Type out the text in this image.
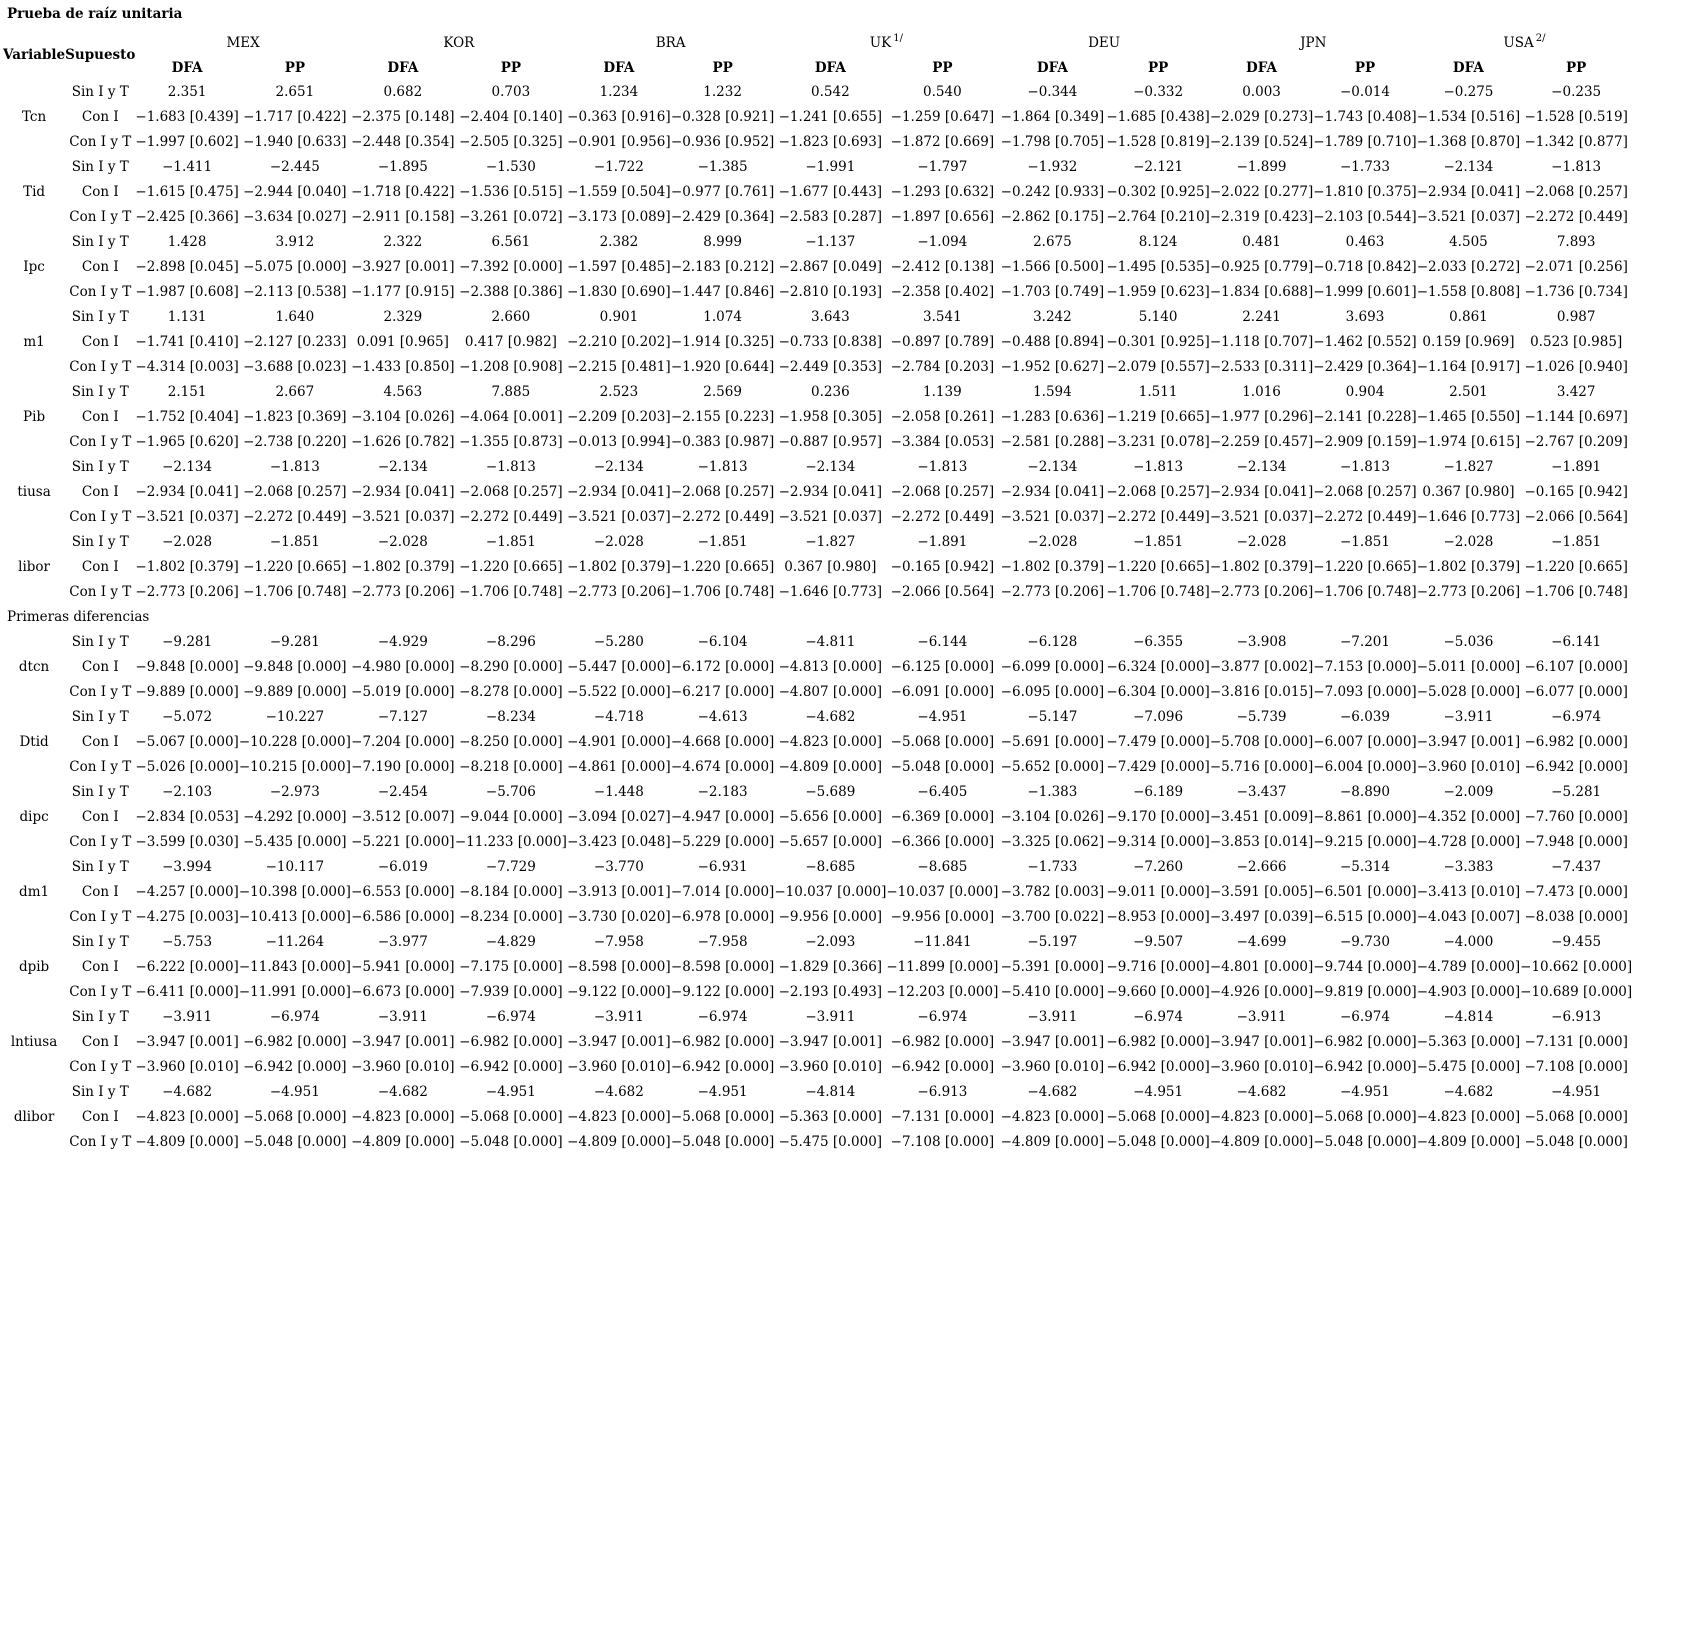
Prueba de raíz unitaria
Variable	Supuesto	MEX		KOR		BRA		UK $^{1/}$		DEU		JPN		USA $^{2/}$
		DFA	PP	DFA	PP	DFA	PP	DFA	PP	DFA	PP	DFA	PP	DFA	PP
Tcn	Sin I y T	2.351	2.651	0.682	0.703	1.234	1.232	0.542	0.540	−0.344	−0.332	0.003	−0.014	−0.275	−0.235
	Con I	−1.683 [0.439]	−1.717 [0.422]	−2.375 [0.148]	−2.404 [0.140]	−0.363 [0.916]	−0.328 [0.921]	−1.241 [0.655]	−1.259 [0.647]	−1.864 [0.349]	−1.685 [0.438]	−2.029 [0.273]	−1.743 [0.408]	−1.534 [0.516]	−1.528 [0.519]
	Con I y T	−1.997 [0.602]	−1.940 [0.633]	−2.448 [0.354]	−2.505 [0.325]	−0.901 [0.956]	−0.936 [0.952]	−1.823 [0.693]	−1.872 [0.669]	−1.798 [0.705]	−1.528 [0.819]	−2.139 [0.524]	−1.789 [0.710]	−1.368 [0.870]	−1.342 [0.877]
Tid	Sin I y T	−1.411	−2.445	−1.895	−1.530	−1.722	−1.385	−1.991	−1.797	−1.932	−2.121	−1.899	−1.733	−2.134	−1.813
	Con I	−1.615 [0.475]	−2.944 [0.040]	−1.718 [0.422]	−1.536 [0.515]	−1.559 [0.504]	−0.977 [0.761]	−1.677 [0.443]	−1.293 [0.632]	−0.242 [0.933]	−0.302 [0.925]	−2.022 [0.277]	−1.810 [0.375]	−2.934 [0.041]	−2.068 [0.257]
	Con I y T	−2.425 [0.366]	−3.634 [0.027]	−2.911 [0.158]	−3.261 [0.072]	−3.173 [0.089]	−2.429 [0.364]	−2.583 [0.287]	−1.897 [0.656]	−2.862 [0.175]	−2.764 [0.210]	−2.319 [0.423]	−2.103 [0.544]	−3.521 [0.037]	−2.272 [0.449]
Ipc	Sin I y T	1.428	3.912	2.322	6.561	2.382	8.999	−1.137	−1.094	2.675	8.124	0.481	0.463	4.505	7.893
	Con I	−2.898 [0.045]	−5.075 [0.000]	−3.927 [0.001]	−7.392 [0.000]	−1.597 [0.485]	−2.183 [0.212]	−2.867 [0.049]	−2.412 [0.138]	−1.566 [0.500]	−1.495 [0.535]	−0.925 [0.779]	−0.718 [0.842]	−2.033 [0.272]	−2.071 [0.256]
	Con I y T	−1.987 [0.608]	−2.113 [0.538]	−1.177 [0.915]	−2.388 [0.386]	−1.830 [0.690]	−1.447 [0.846]	−2.810 [0.193]	−2.358 [0.402]	−1.703 [0.749]	−1.959 [0.623]	−1.834 [0.688]	−1.999 [0.601]	−1.558 [0.808]	−1.736 [0.734]
m1	Sin I y T	1.131	1.640	2.329	2.660	0.901	1.074	3.643	3.541	3.242	5.140	2.241	3.693	0.861	0.987
	Con I	−1.741 [0.410]	−2.127 [0.233]	0.091 [0.965]	0.417 [0.982]	−2.210 [0.202]	−1.914 [0.325]	−0.733 [0.838]	−0.897 [0.789]	−0.488 [0.894]	−0.301 [0.925]	−1.118 [0.707]	−1.462 [0.552]	0.159 [0.969]	0.523 [0.985]
	Con I y T	−4.314 [0.003]	−3.688 [0.023]	−1.433 [0.850]	−1.208 [0.908]	−2.215 [0.481]	−1.920 [0.644]	−2.449 [0.353]	−2.784 [0.203]	−1.952 [0.627]	−2.079 [0.557]	−2.533 [0.311]	−2.429 [0.364]	−1.164 [0.917]	−1.026 [0.940]
Pib	Sin I y T	2.151	2.667	4.563	7.885	2.523	2.569	0.236	1.139	1.594	1.511	1.016	0.904	2.501	3.427
	Con I	−1.752 [0.404]	−1.823 [0.369]	−3.104 [0.026]	−4.064 [0.001]	−2.209 [0.203]	−2.155 [0.223]	−1.958 [0.305]	−2.058 [0.261]	−1.283 [0.636]	−1.219 [0.665]	−1.977 [0.296]	−2.141 [0.228]	−1.465 [0.550]	−1.144 [0.697]
	Con I y T	−1.965 [0.620]	−2.738 [0.220]	−1.626 [0.782]	−1.355 [0.873]	−0.013 [0.994]	−0.383 [0.987]	−0.887 [0.957]	−3.384 [0.053]	−2.581 [0.288]	−3.231 [0.078]	−2.259 [0.457]	−2.909 [0.159]	−1.974 [0.615]	−2.767 [0.209]
tiusa	Sin I y T	−2.134	−1.813	−2.134	−1.813	−2.134	−1.813	−2.134	−1.813	−2.134	−1.813	−2.134	−1.813	−1.827	−1.891
	Con I	−2.934 [0.041]	−2.068 [0.257]	−2.934 [0.041]	−2.068 [0.257]	−2.934 [0.041]	−2.068 [0.257]	−2.934 [0.041]	−2.068 [0.257]	−2.934 [0.041]	−2.068 [0.257]	−2.934 [0.041]	−2.068 [0.257]	0.367 [0.980]	−0.165 [0.942]
	Con I y T	−3.521 [0.037]	−2.272 [0.449]	−3.521 [0.037]	−2.272 [0.449]	−3.521 [0.037]	−2.272 [0.449]	−3.521 [0.037]	−2.272 [0.449]	−3.521 [0.037]	−2.272 [0.449]	−3.521 [0.037]	−2.272 [0.449]	−1.646 [0.773]	−2.066 [0.564]
libor	Sin I y T	−2.028	−1.851	−2.028	−1.851	−2.028	−1.851	−1.827	−1.891	−2.028	−1.851	−2.028	−1.851	−2.028	−1.851
	Con I	−1.802 [0.379]	−1.220 [0.665]	−1.802 [0.379]	−1.220 [0.665]	−1.802 [0.379]	−1.220 [0.665]	0.367 [0.980]	−0.165 [0.942]	−1.802 [0.379]	−1.220 [0.665]	−1.802 [0.379]	−1.220 [0.665]	−1.802 [0.379]	−1.220 [0.665]
	Con I y T	−2.773 [0.206]	−1.706 [0.748]	−2.773 [0.206]	−1.706 [0.748]	−2.773 [0.206]	−1.706 [0.748]	−1.646 [0.773]	−2.066 [0.564]	−2.773 [0.206]	−1.706 [0.748]	−2.773 [0.206]	−1.706 [0.748]	−2.773 [0.206]	−1.706 [0.748]
Primeras diferencias															
dtcn	Sin I y T	−9.281	−9.281	−4.929	−8.296	−5.280	−6.104	−4.811	−6.144	−6.128	−6.355	−3.908	−7.201	−5.036	−6.141
	Con I	−9.848 [0.000]	−9.848 [0.000]	−4.980 [0.000]	−8.290 [0.000]	−5.447 [0.000]	−6.172 [0.000]	−4.813 [0.000]	−6.125 [0.000]	−6.099 [0.000]	−6.324 [0.000]	−3.877 [0.002]	−7.153 [0.000]	−5.011 [0.000]	−6.107 [0.000]
	Con I y T	−9.889 [0.000]	−9.889 [0.000]	−5.019 [0.000]	−8.278 [0.000]	−5.522 [0.000]	−6.217 [0.000]	−4.807 [0.000]	−6.091 [0.000]	−6.095 [0.000]	−6.304 [0.000]	−3.816 [0.015]	−7.093 [0.000]	−5.028 [0.000]	−6.077 [0.000]
Dtid	Sin I y T	−5.072	−10.227	−7.127	−8.234	−4.718	−4.613	−4.682	−4.951	−5.147	−7.096	−5.739	−6.039	−3.911	−6.974
	Con I	−5.067 [0.000]	−10.228 [0.000]	−7.204 [0.000]	−8.250 [0.000]	−4.901 [0.000]	−4.668 [0.000]	−4.823 [0.000]	−5.068 [0.000]	−5.691 [0.000]	−7.479 [0.000]	−5.708 [0.000]	−6.007 [0.000]	−3.947 [0.001]	−6.982 [0.000]
	Con I y T	−5.026 [0.000]	−10.215 [0.000]	−7.190 [0.000]	−8.218 [0.000]	−4.861 [0.000]	−4.674 [0.000]	−4.809 [0.000]	−5.048 [0.000]	−5.652 [0.000]	−7.429 [0.000]	−5.716 [0.000]	−6.004 [0.000]	−3.960 [0.010]	−6.942 [0.000]
dipc	Sin I y T	−2.103	−2.973	−2.454	−5.706	−1.448	−2.183	−5.689	−6.405	−1.383	−6.189	−3.437	−8.890	−2.009	−5.281
	Con I	−2.834 [0.053]	−4.292 [0.000]	−3.512 [0.007]	−9.044 [0.000]	−3.094 [0.027]	−4.947 [0.000]	−5.656 [0.000]	−6.369 [0.000]	−3.104 [0.026]	−9.170 [0.000]	−3.451 [0.009]	−8.861 [0.000]	−4.352 [0.000]	−7.760 [0.000]
	Con I y T	−3.599 [0.030]	−5.435 [0.000]	−5.221 [0.000]	−11.233 [0.000]	−3.423 [0.048]	−5.229 [0.000]	−5.657 [0.000]	−6.366 [0.000]	−3.325 [0.062]	−9.314 [0.000]	−3.853 [0.014]	−9.215 [0.000]	−4.728 [0.000]	−7.948 [0.000]
dm1	Sin I y T	−3.994	−10.117	−6.019	−7.729	−3.770	−6.931	−8.685	−8.685	−1.733	−7.260	−2.666	−5.314	−3.383	−7.437
	Con I	−4.257 [0.000]	−10.398 [0.000]	−6.553 [0.000]	−8.184 [0.000]	−3.913 [0.001]	−7.014 [0.000]	−10.037 [0.000]	−10.037 [0.000]	−3.782 [0.003]	−9.011 [0.000]	−3.591 [0.005]	−6.501 [0.000]	−3.413 [0.010]	−7.473 [0.000]
	Con I y T	−4.275 [0.003]	−10.413 [0.000]	−6.586 [0.000]	−8.234 [0.000]	−3.730 [0.020]	−6.978 [0.000]	−9.956 [0.000]	−9.956 [0.000]	−3.700 [0.022]	−8.953 [0.000]	−3.497 [0.039]	−6.515 [0.000]	−4.043 [0.007]	−8.038 [0.000]
dpib	Sin I y T	−5.753	−11.264	−3.977	−4.829	−7.958	−7.958	−2.093	−11.841	−5.197	−9.507	−4.699	−9.730	−4.000	−9.455
	Con I	−6.222 [0.000]	−11.843 [0.000]	−5.941 [0.000]	−7.175 [0.000]	−8.598 [0.000]	−8.598 [0.000]	−1.829 [0.366]	−11.899 [0.000]	−5.391 [0.000]	−9.716 [0.000]	−4.801 [0.000]	−9.744 [0.000]	−4.789 [0.000]	−10.662 [0.000]
	Con I y T	−6.411 [0.000]	−11.991 [0.000]	−6.673 [0.000]	−7.939 [0.000]	−9.122 [0.000]	−9.122 [0.000]	−2.193 [0.493]	−12.203 [0.000]	−5.410 [0.000]	−9.660 [0.000]	−4.926 [0.000]	−9.819 [0.000]	−4.903 [0.000]	−10.689 [0.000]
lntiusa	Sin I y T	−3.911	−6.974	−3.911	−6.974	−3.911	−6.974	−3.911	−6.974	−3.911	−6.974	−3.911	−6.974	−4.814	−6.913
	Con I	−3.947 [0.001]	−6.982 [0.000]	−3.947 [0.001]	−6.982 [0.000]	−3.947 [0.001]	−6.982 [0.000]	−3.947 [0.001]	−6.982 [0.000]	−3.947 [0.001]	−6.982 [0.000]	−3.947 [0.001]	−6.982 [0.000]	−5.363 [0.000]	−7.131 [0.000]
	Con I y T	−3.960 [0.010]	−6.942 [0.000]	−3.960 [0.010]	−6.942 [0.000]	−3.960 [0.010]	−6.942 [0.000]	−3.960 [0.010]	−6.942 [0.000]	−3.960 [0.010]	−6.942 [0.000]	−3.960 [0.010]	−6.942 [0.000]	−5.475 [0.000]	−7.108 [0.000]
dlibor	Sin I y T	−4.682	−4.951	−4.682	−4.951	−4.682	−4.951	−4.814	−6.913	−4.682	−4.951	−4.682	−4.951	−4.682	−4.951
	Con I	−4.823 [0.000]	−5.068 [0.000]	−4.823 [0.000]	−5.068 [0.000]	−4.823 [0.000]	−5.068 [0.000]	−5.363 [0.000]	−7.131 [0.000]	−4.823 [0.000]	−5.068 [0.000]	−4.823 [0.000]	−5.068 [0.000]	−4.823 [0.000]	−5.068 [0.000]
	Con I y T	−4.809 [0.000]	−5.048 [0.000]	−4.809 [0.000]	−5.048 [0.000]	−4.809 [0.000]	−5.048 [0.000]	−5.475 [0.000]	−7.108 [0.000]	−4.809 [0.000]	−5.048 [0.000]	−4.809 [0.000]	−5.048 [0.000]	−4.809 [0.000]	−5.048 [0.000]
